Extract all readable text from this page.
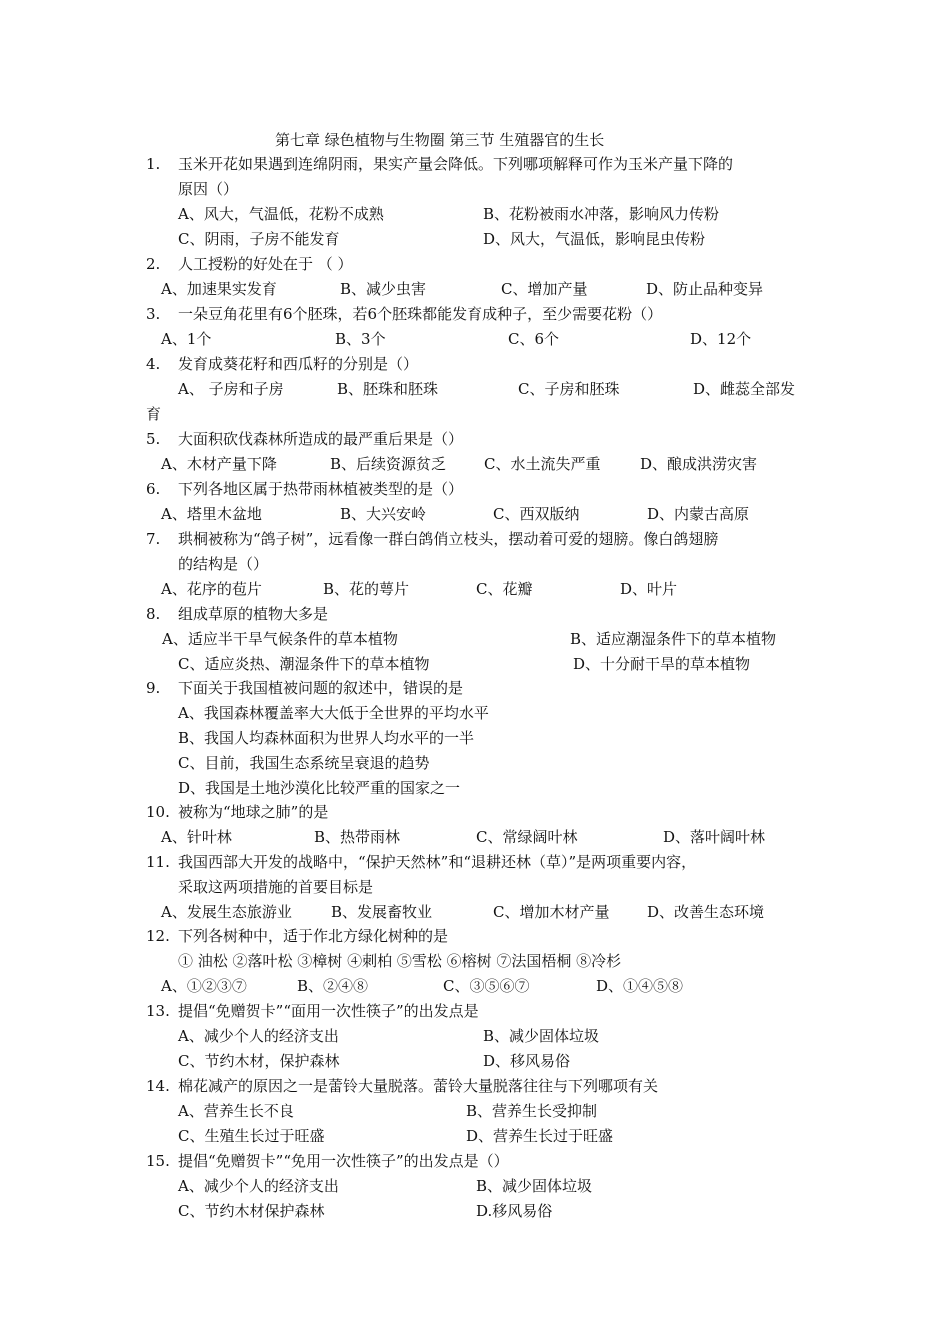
第七章 绿色植物与生物圈 第三节 生殖器官的生长
1. 玉米开花如果遇到连绵阴雨，果实产量会降低。下列哪项解释可作为玉米产量下降的
原因（）
A、风大，气温低，花粉不成熟	B、花粉被雨水冲落，影响风力传粉
C、阴雨，子房不能发育	D、风大，气温低，影响昆虫传粉
2. 人工授粉的好处在于 （ ）
A、加速果实发育	B、减少虫害	C、增加产量	D、防止品种变异
3. 一朵豆角花里有6个胚珠，若6个胚珠都能发育成种子，至少需要花粉（）
A、1个	B、3个	C、6个	D、12个
4. 发育成葵花籽和西瓜籽的分别是（）
A、 子房和子房	B、胚珠和胚珠	C、子房和胚珠	D、雌蕊全部发
育
5. 大面积砍伐森林所造成的最严重后果是（）
A、木材产量下降	B、后续资源贫乏	C、水土流失严重	D、酿成洪涝灾害
6. 下列各地区属于热带雨林植被类型的是（）
A、塔里木盆地	B、大兴安岭	C、西双版纳	D、内蒙古高原
7. 珙桐被称为“鸽子树”，远看像一群白鸽俏立枝头，摆动着可爱的翅膀。像白鸽翅膀
的结构是（）
A、花序的苞片	B、花的萼片	C、花瓣	D、叶片
8. 组成草原的植物大多是
A、适应半干旱气候条件的草本植物	B、适应潮湿条件下的草本植物
C、适应炎热、潮湿条件下的草本植物	D、十分耐干旱的草本植物
9. 下面关于我国植被问题的叙述中，错误的是
A、我国森林覆盖率大大低于全世界的平均水平
B、我国人均森林面积为世界人均水平的一半
C、目前，我国生态系统呈衰退的趋势
D、我国是土地沙漠化比较严重的国家之一
10. 被称为“地球之肺”的是
A、针叶林	B、热带雨林	C、常绿阔叶林	D、落叶阔叶林
11. 我国西部大开发的战略中，“保护天然林”和“退耕还林（草）”是两项重要内容，
采取这两项措施的首要目标是
A、发展生态旅游业	B、发展畜牧业	C、增加木材产量	D、改善生态环境
12. 下列各树种中，适于作北方绿化树种的是
① 油松 ②落叶松 ③樟树 ④刺柏 ⑤雪松 ⑥榕树 ⑦法国梧桐 ⑧冷杉
A、①②③⑦	B、②④⑧	C、③⑤⑥⑦	D、①④⑤⑧
13. 提倡“免赠贺卡”“面用一次性筷子”的出发点是
A、减少个人的经济支出	B、减少固体垃圾
C、节约木材，保护森林	D、移风易俗
14. 棉花减产的原因之一是蕾铃大量脱落。蕾铃大量脱落往往与下列哪项有关
A、营养生长不良	B、营养生长受抑制
C、生殖生长过于旺盛	D、营养生长过于旺盛
15. 提倡“免赠贺卡”“免用一次性筷子”的出发点是（）
A、减少个人的经济支出	B、减少固体垃圾
C、节约木材保护森林	D.移风易俗
